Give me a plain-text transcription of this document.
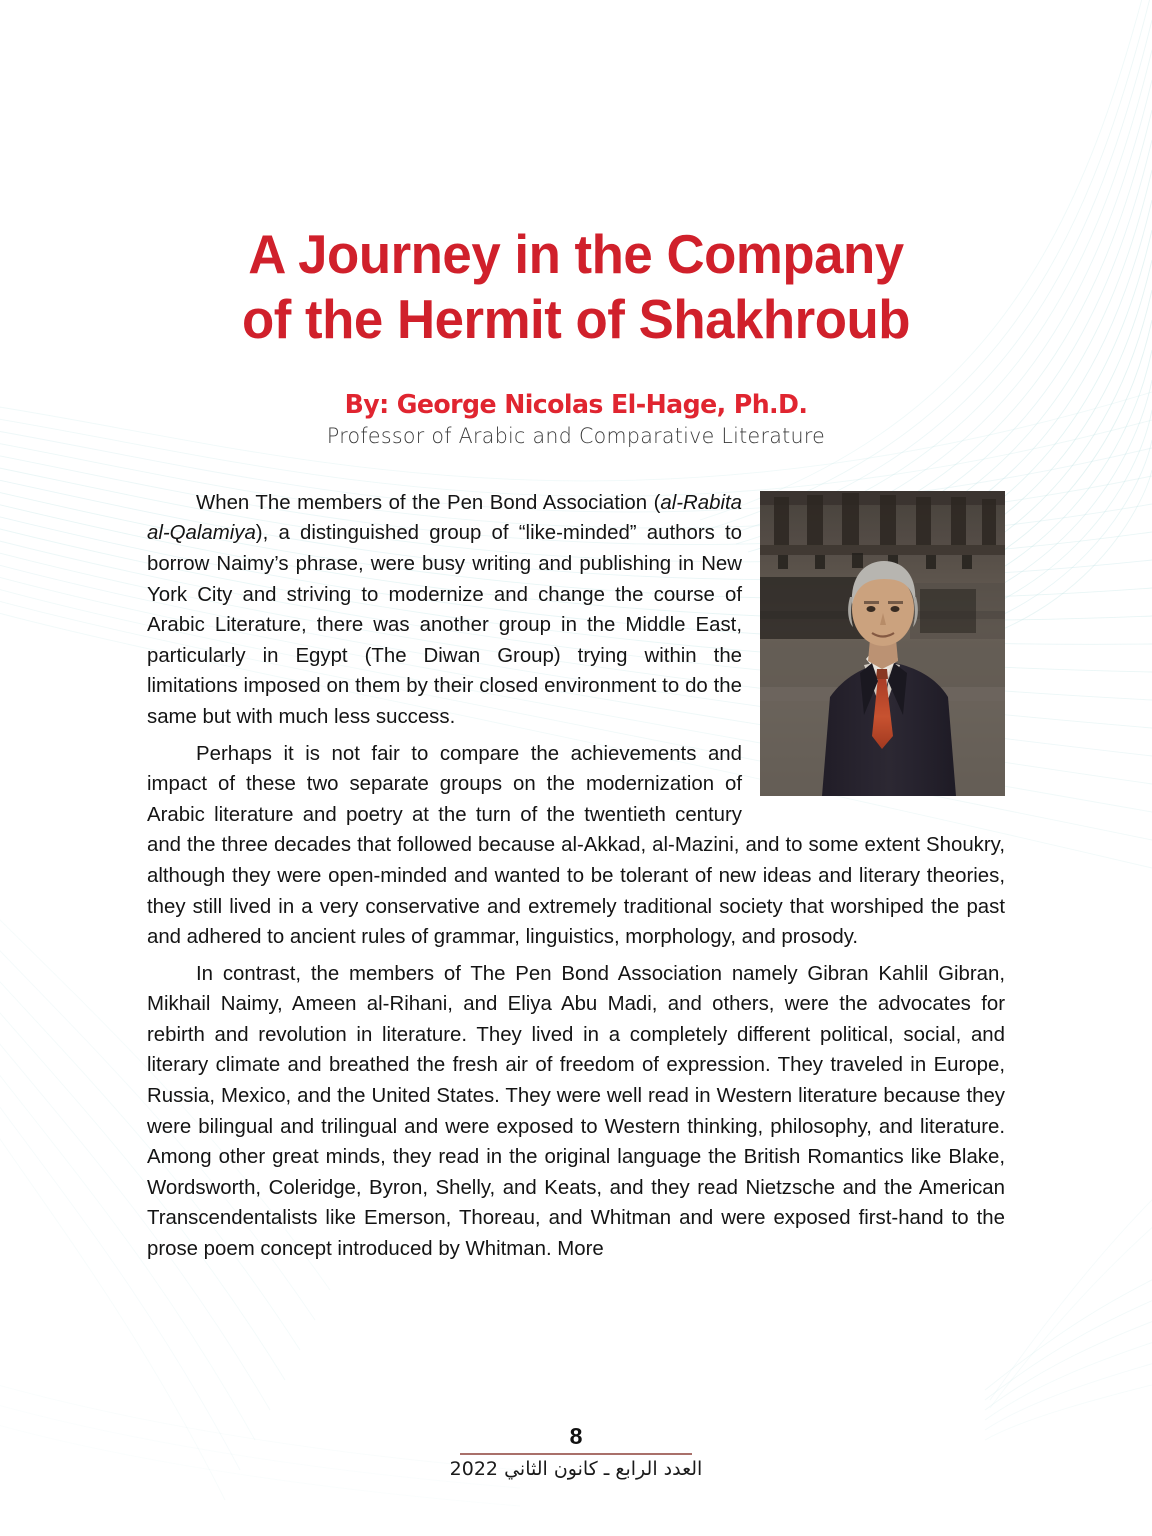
A Journey in the Company
of the Hermit of Shakhroub
By: George Nicolas El-Hage, Ph.D.
Professor of Arabic and Comparative Literature

When The members of the Pen Bond Association (al-Rabita al-Qalamiya), a distinguished group of “like-minded” authors to borrow Naimy’s phrase, were busy writing and publishing in New York City and striving to modernize and change the course of Arabic Literature, there was another group in the Middle East, particularly in Egypt (The Diwan Group) trying within the limitations imposed on them by their closed environment to do the same but with much less success.

Perhaps it is not fair to compare the achievements and impact of these two separate groups on the modernization of Arabic literature and poetry at the turn of the twentieth century and the three decades that followed because al-Akkad, al-Mazini, and to some extent Shoukry, although they were open-minded and wanted to be tolerant of new ideas and literary theories, they still lived in a very conservative and extremely traditional society that worshiped the past and adhered to ancient rules of grammar, linguistics, morphology, and prosody.

In contrast, the members of The Pen Bond Association namely Gibran Kahlil Gibran, Mikhail Naimy, Ameen al-Rihani, and Eliya Abu Madi, and others, were the advocates for rebirth and revolution in literature. They lived in a completely different political, social, and literary climate and breathed the fresh air of freedom of expression. They traveled in Europe, Russia, Mexico, and the United States. They were well read in Western literature because they were bilingual and trilingual and were exposed to Western thinking, philosophy, and literature. Among other great minds, they read in the original language the British Romantics like Blake, Wordsworth, Coleridge, Byron, Shelly, and Keats, and they read Nietzsche and the American Transcendentalists like Emerson, Thoreau, and Whitman and were exposed first-hand to the prose poem concept introduced by Whitman. More

8
العدد الرابع ـ كانون الثاني 2022
